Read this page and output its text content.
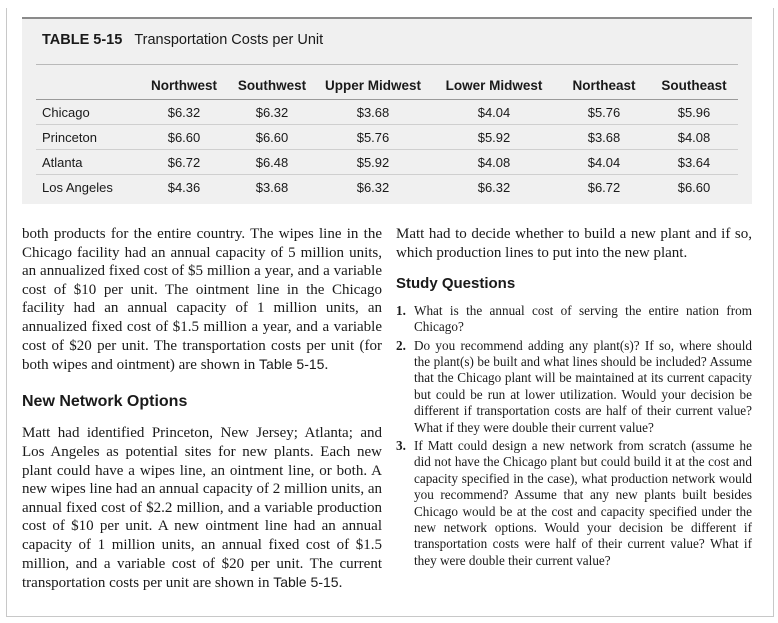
TABLE 5-15 Transportation Costs per Unit
	Northwest	Southwest	Upper Midwest	Lower Midwest	Northeast	Southeast
Chicago	$6.32	$6.32	$3.68	$4.04	$5.76	$5.96
Princeton	$6.60	$6.60	$5.76	$5.92	$3.68	$4.08
Atlanta	$6.72	$6.48	$5.92	$4.08	$4.04	$3.64
Los Angeles	$4.36	$3.68	$6.32	$6.32	$6.72	$6.60

both products for the entire country. The wipes line in the Chicago facility had an annual capacity of 5 million units, an annualized fixed cost of $5 million a year, and a variable cost of $10 per unit. The ointment line in the Chicago facility had an annual capacity of 1 million units, an annualized fixed cost of $1.5 million a year, and a variable cost of $20 per unit. The transportation costs per unit (for both wipes and ointment) are shown in Table 5-15.

New Network Options

Matt had identified Princeton, New Jersey; Atlanta; and Los Angeles as potential sites for new plants. Each new plant could have a wipes line, an ointment line, or both. A new wipes line had an annual capacity of 2 million units, an annual fixed cost of $2.2 million, and a variable production cost of $10 per unit. A new ointment line had an annual capacity of 1 million units, an annual fixed cost of $1.5 million, and a variable cost of $20 per unit. The current transportation costs per unit are shown in Table 5-15.

Matt had to decide whether to build a new plant and if so, which production lines to put into the new plant.

Study Questions
1. What is the annual cost of serving the entire nation from Chicago?
2. Do you recommend adding any plant(s)? If so, where should the plant(s) be built and what lines should be included? Assume that the Chicago plant will be maintained at its current capacity but could be run at lower utilization. Would your decision be different if transportation costs are half of their current value? What if they were double their current value?
3. If Matt could design a new network from scratch (assume he did not have the Chicago plant but could build it at the cost and capacity specified in the case), what production network would you recommend? Assume that any new plants built besides Chicago would be at the cost and capacity specified under the new network options. Would your decision be different if transportation costs were half of their current value? What if they were double their current value?
